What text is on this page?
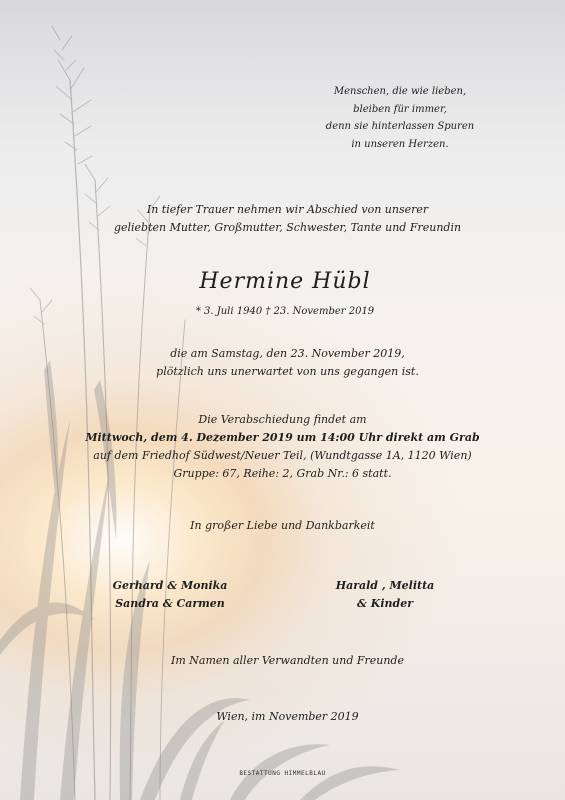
Menschen, die wie lieben,
bleiben für immer,
denn sie hinterlassen Spuren
in unseren Herzen.
In tiefer Trauer nehmen wir Abschied von unserer
geliebten Mutter, Großmutter, Schwester, Tante und Freundin
Hermine Hübl
* 3. Juli 1940 † 23. November 2019
die am Samstag, den 23. November 2019,
plötzlich uns unerwartet von uns gegangen ist.
Die Verabschiedung findet am
Mittwoch, dem 4. Dezember 2019 um 14:00 Uhr direkt am Grab
auf dem Friedhof Südwest/Neuer Teil, (Wundtgasse 1A, 1120 Wien)
Gruppe: 67, Reihe: 2, Grab Nr.: 6 statt.
In großer Liebe und Dankbarkeit
Gerhard & Monika
Sandra & Carmen
Harald , Melitta
& Kinder
Im Namen aller Verwandten und Freunde
Wien, im November 2019
BESTATTUNG HIMMELBLAU
